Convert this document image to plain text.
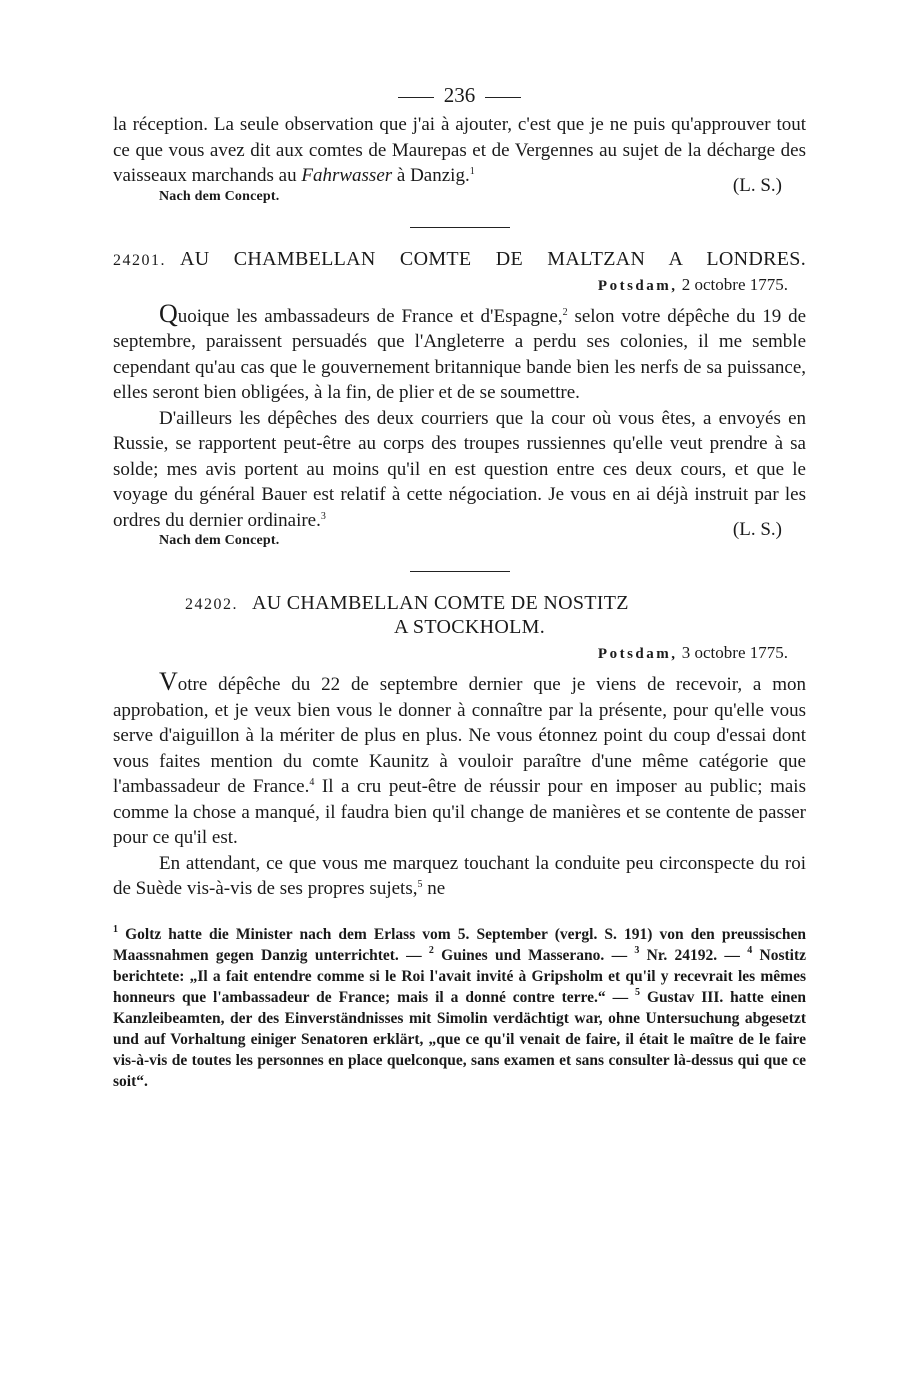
236

la réception. La seule observation que j'ai à ajouter, c'est que je ne puis qu'approuver tout ce que vous avez dit aux comtes de Maurepas et de Vergennes au sujet de la décharge des vaisseaux marchands au Fahrwasser à Danzig.$^1$

Nach dem Concept.
(L. S.)
24201. AU CHAMBELLAN COMTE DE MALTZAN A LONDRES.
Potsdam, 2 octobre 1775.

Quoique les ambassadeurs de France et d'Espagne,$^2$ selon votre dépêche du 19 de septembre, paraissent persuadés que l'Angleterre a perdu ses colonies, il me semble cependant qu'au cas que le gouvernement britannique bande bien les nerfs de sa puissance, elles seront bien obligées, à la fin, de plier et de se soumettre.

D'ailleurs les dépêches des deux courriers que la cour où vous êtes, a envoyés en Russie, se rapportent peut-être au corps des troupes russiennes qu'elle veut prendre à sa solde; mes avis portent au moins qu'il en est question entre ces deux cours, et que le voyage du général Bauer est relatif à cette négociation. Je vous en ai déjà instruit par les ordres du dernier ordinaire.$^3$

Nach dem Concept.
(L. S.)
24202. AU CHAMBELLAN COMTE DE NOSTITZ
A STOCKHOLM.
Potsdam, 3 octobre 1775.

Votre dépêche du 22 de septembre dernier que je viens de recevoir, a mon approbation, et je veux bien vous le donner à connaître par la présente, pour qu'elle vous serve d'aiguillon à la mériter de plus en plus. Ne vous étonnez point du coup d'essai dont vous faites mention du comte Kaunitz à vouloir paraître d'une même catégorie que l'ambassadeur de France.$^4$ Il a cru peut-être de réussir pour en imposer au public; mais comme la chose a manqué, il faudra bien qu'il change de manières et se contente de passer pour ce qu'il est.

En attendant, ce que vous me marquez touchant la conduite peu circonspecte du roi de Suède vis-à-vis de ses propres sujets,$^5$ ne

$^1$ Goltz hatte die Minister nach dem Erlass vom 5. September (vergl. S. 191) von den preussischen Maassnahmen gegen Danzig unterrichtet. — $^2$ Guines und Masserano. — $^3$ Nr. 24192. — $^4$ Nostitz berichtete: „Il a fait entendre comme si le Roi l'avait invité à Gripsholm et qu'il y recevrait les mêmes honneurs que l'ambassadeur de France; mais il a donné contre terre.“ — $^5$ Gustav III. hatte einen Kanzleibeamten, der des Einverständnisses mit Simolin verdächtigt war, ohne Untersuchung abgesetzt und auf Vorhaltung einiger Senatoren erklärt, „que ce qu'il venait de faire, il était le maître de le faire vis-à-vis de toutes les personnes en place quelconque, sans examen et sans consulter là-dessus qui que ce soit“.
